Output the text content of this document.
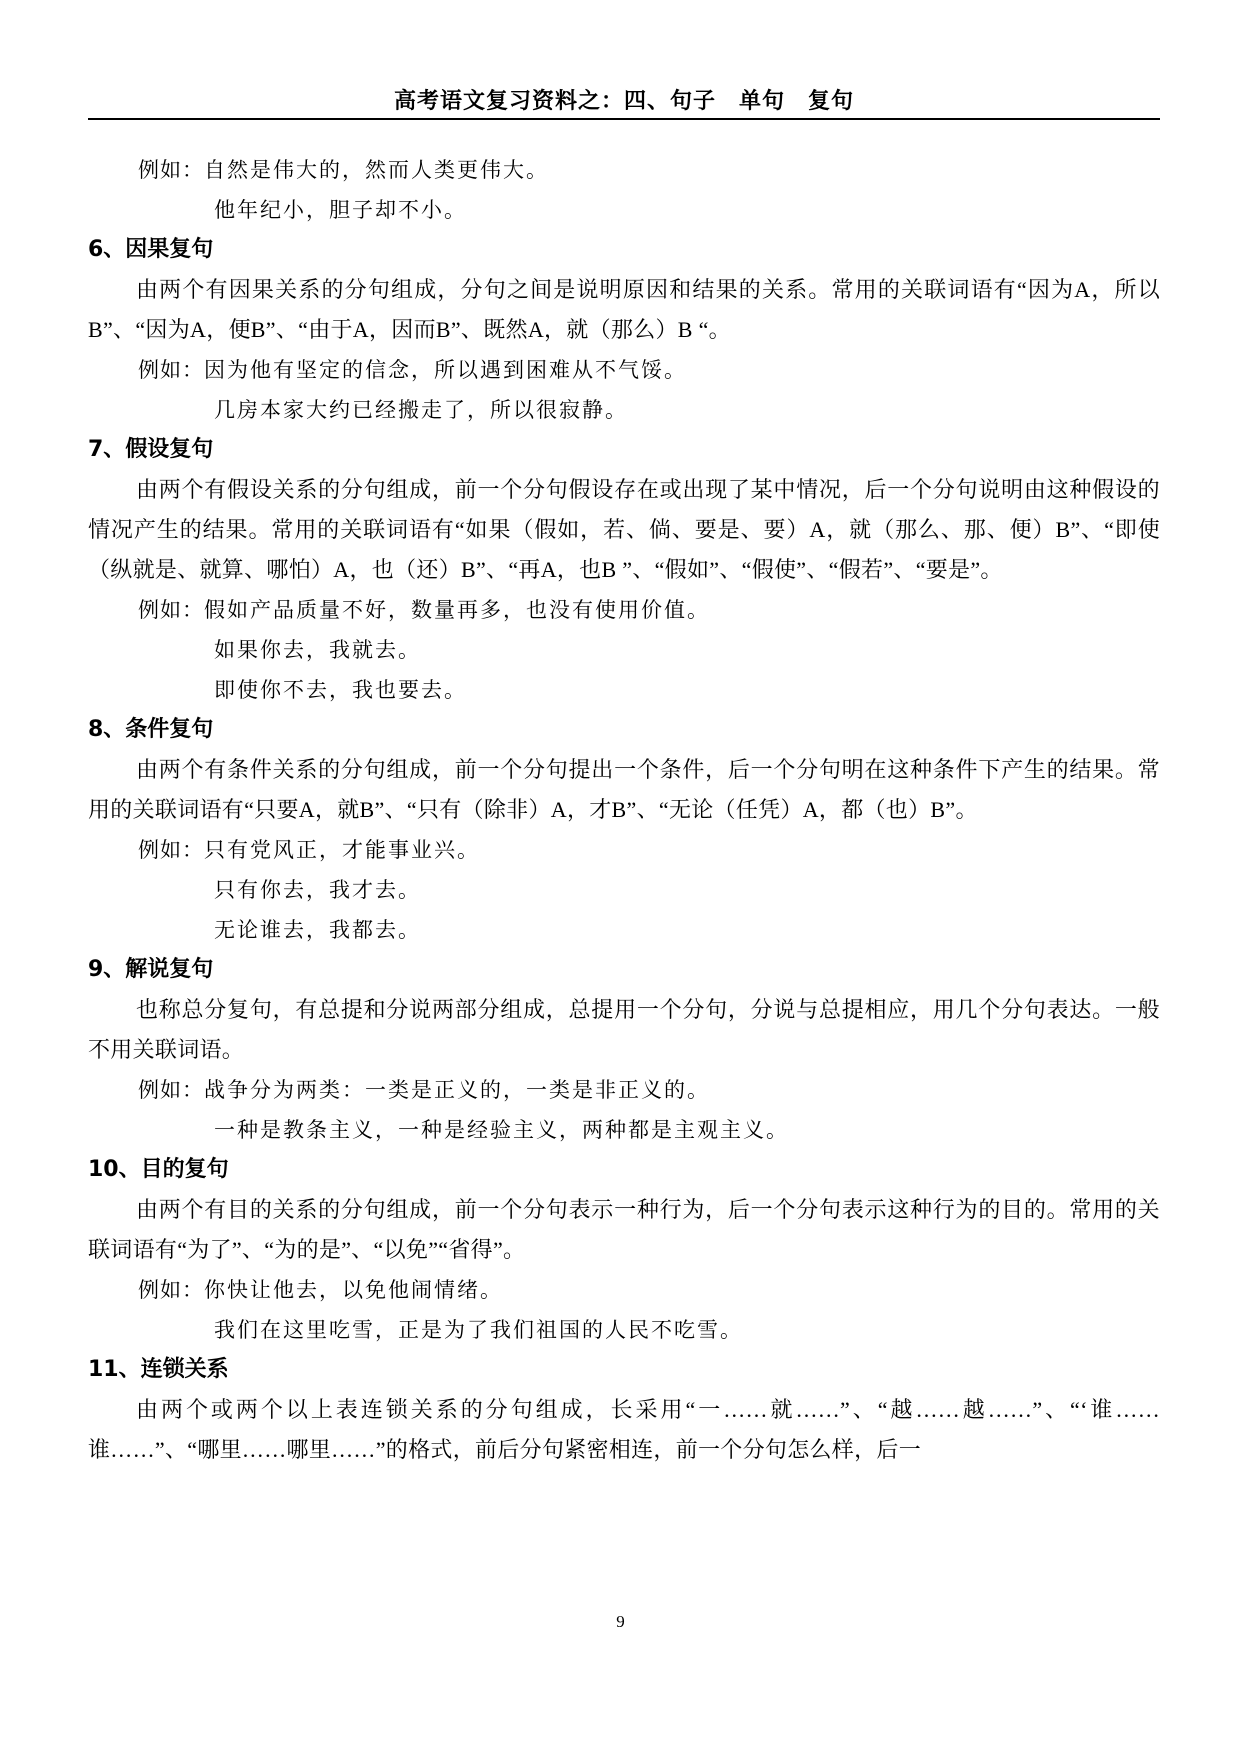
高考语文复习资料之：四、句子　单句　复句

例如：自然是伟大的，然而人类更伟大。

他年纪小，胆子却不小。

6、因果复句

由两个有因果关系的分句组成，分句之间是说明原因和结果的关系。常用的关联词语有“因为A，所以B”、“因为A，便B”、“由于A，因而B”、既然A，就（那么）B “。

例如：因为他有坚定的信念，所以遇到困难从不气馁。

几房本家大约已经搬走了，所以很寂静。

7、假设复句

由两个有假设关系的分句组成，前一个分句假设存在或出现了某中情况，后一个分句说明由这种假设的情况产生的结果。常用的关联词语有“如果（假如，若、倘、要是、要）A，就（那么、那、便）B”、“即使（纵就是、就算、哪怕）A，也（还）B”、“再A，也B ”、“假如”、“假使”、“假若”、“要是”。

例如：假如产品质量不好，数量再多，也没有使用价值。

如果你去，我就去。

即使你不去，我也要去。

8、条件复句

由两个有条件关系的分句组成，前一个分句提出一个条件，后一个分句明在这种条件下产生的结果。常用的关联词语有“只要A，就B”、“只有（除非）A，才B”、“无论（任凭）A，都（也）B”。

例如：只有党风正，才能事业兴。

只有你去，我才去。

无论谁去，我都去。

9、解说复句

也称总分复句，有总提和分说两部分组成，总提用一个分句，分说与总提相应，用几个分句表达。一般不用关联词语。

例如：战争分为两类：一类是正义的，一类是非正义的。

一种是教条主义，一种是经验主义，两种都是主观主义。

10、目的复句

由两个有目的关系的分句组成，前一个分句表示一种行为，后一个分句表示这种行为的目的。常用的关联词语有“为了”、“为的是”、“以免”“省得”。

例如：你快让他去，以免他闹情绪。

我们在这里吃雪，正是为了我们祖国的人民不吃雪。

11、连锁关系

由两个或两个以上表连锁关系的分句组成，长采用“一……就……”、“越……越……”、“‘谁……谁……”、“哪里……哪里……”的格式，前后分句紧密相连，前一个分句怎么样，后一

9
